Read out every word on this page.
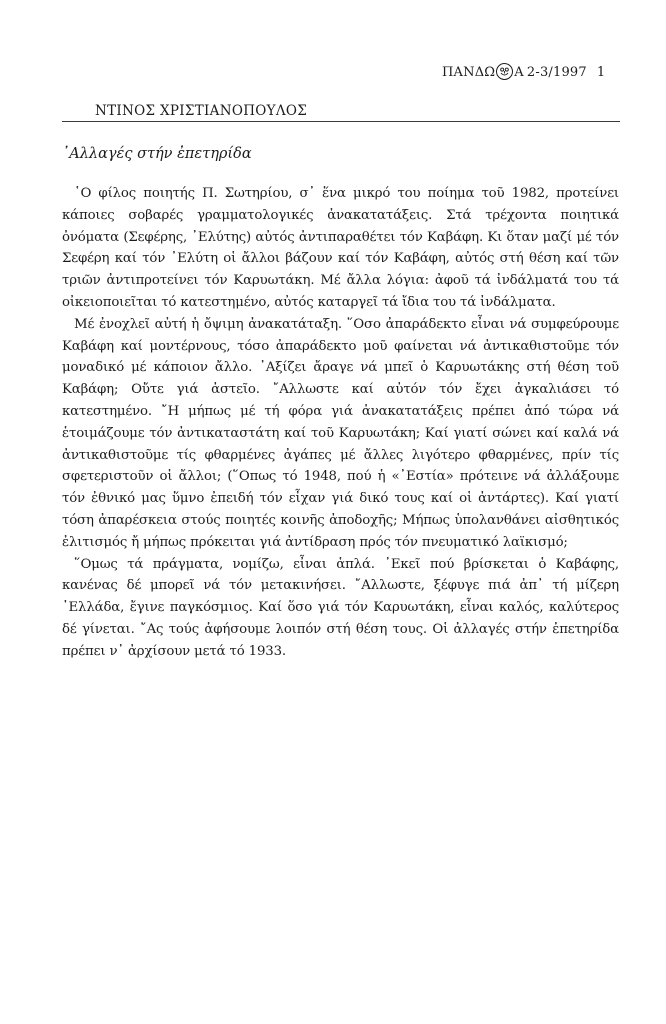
ΠΑΝΔΩ Α 2-3/1997 1
ΝΤΙΝΟΣ ΧΡΙΣΤΙΑΝΟΠΟΥΛΟΣ
᾿Αλλαγές στήν ἐπετηρίδα

῾Ο φίλος ποιητής Π. Σωτηρίου, σ᾿ ἕνα μικρό του ποίημα τοῦ 1982, προτείνει κάποιες σοβαρές γραμματολογικές ἀνακατατάξεις. Στά τρέχοντα ποιητικά ὀνόματα (Σεφέρης, ᾿Ελύτης) αὐτός ἀντιπαραθέτει τόν Καβάφη. Κι ὅταν μαζί μέ τόν Σεφέρη καί τόν ᾿Ελύτη οἱ ἄλλοι βάζουν καί τόν Καβάφη, αὐτός στή θέση καί τῶν τριῶν ἀντιπροτείνει τόν Καρυωτάκη. Μέ ἄλλα λόγια: ἀφοῦ τά ἰνδάλματά του τά οἰκειοποιεῖται τό κατεστημένο, αὐτός καταργεῖ τά ἴδια του τά ἰνδάλματα.

Μέ ἐνοχλεῖ αὐτή ἡ ὄψιμη ἀνακατάταξη. ῞Οσο ἀπαράδεκτο εἶναι νά συμφεύρουμε Καβάφη καί μοντέρνους, τόσο ἀπαράδεκτο μοῦ φαίνεται νά ἀντικαθιστοῦμε τόν μοναδικό μέ κάποιον ἄλλο. ᾿Αξίζει ἄραγε νά μπεῖ ὁ Καρυωτάκης στή θέση τοῦ Καβάφη; Οὔτε γιά ἀστεῖο. ῎Αλλωστε καί αὐτόν τόν ἔχει ἀγκαλιάσει τό κατεστημένο. ῎Η μήπως μέ τή φόρα γιά ἀνακατατάξεις πρέπει ἀπό τώρα νά ἑτοιμάζουμε τόν ἀντικαταστάτη καί τοῦ Καρυωτάκη; Καί γιατί σώνει καί καλά νά ἀντικαθιστοῦμε τίς φθαρμένες ἀγάπες μέ ἄλλες λιγότερο φθαρμένες, πρίν τίς σφετεριστοῦν οἱ ἄλλοι; (῞Οπως τό 1948, πού ἡ «᾿Εστία» πρότεινε νά ἀλλάξουμε τόν ἐθνικό μας ὕμνο ἐπειδή τόν εἶχαν γιά δικό τους καί οἱ ἀντάρτες). Καί γιατί τόση ἀπαρέσκεια στούς ποιητές κοινῆς ἀποδοχῆς; Μήπως ὑπολανθάνει αἰσθητικός ἐλιτισμός ἤ μήπως πρόκειται γιά ἀντίδραση πρός τόν πνευματικό λαϊκισμό;

῞Ομως τά πράγματα, νομίζω, εἶναι ἁπλά. ᾿Εκεῖ πού βρίσκεται ὁ Καβάφης, κανένας δέ μπορεῖ νά τόν μετακινήσει. ῎Αλλωστε, ξέφυγε πιά ἀπ᾿ τή μίζερη ᾿Ελλάδα, ἔγινε παγκόσμιος. Καί ὅσο γιά τόν Καρυωτάκη, εἶναι καλός, καλύτερος δέ γίνεται. ῎Ας τούς ἀφήσουμε λοιπόν στή θέση τους. Οἱ ἀλλαγές στήν ἐπετηρίδα πρέπει ν᾿ ἀρχίσουν μετά τό 1933.
